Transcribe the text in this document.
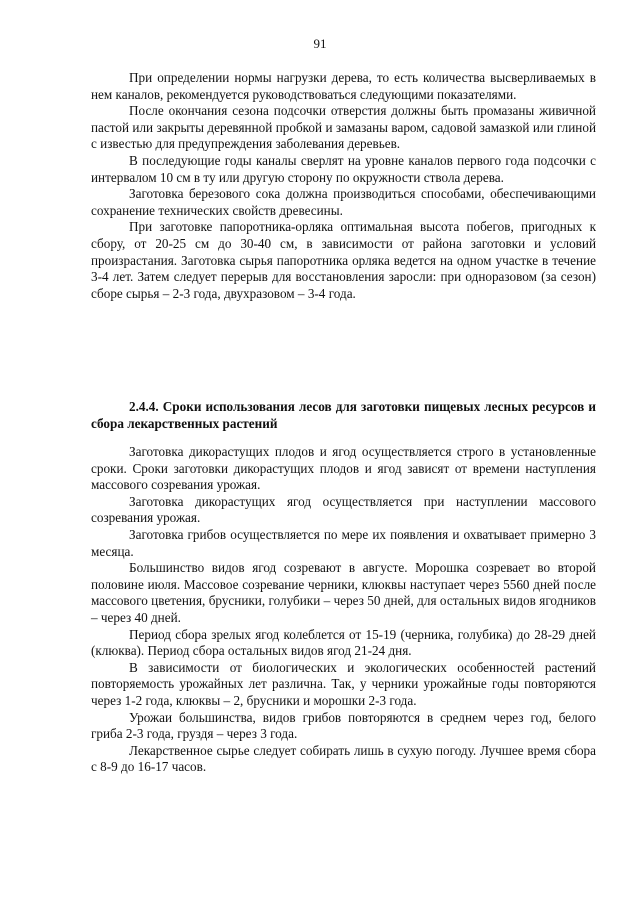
91

При определении нормы нагрузки дерева, то есть количества высверливаемых в нем каналов, рекомендуется руководствоваться следующими показателями.

После окончания сезона подсочки отверстия должны быть промазаны живичной пастой или закрыты деревянной пробкой и замазаны варом, садовой замазкой или глиной с известью для предупреждения заболевания деревьев.

В последующие годы каналы сверлят на уровне каналов первого года подсочки с интервалом 10 см в ту или другую сторону по окружности ствола дерева.

Заготовка березового сока должна производиться способами, обеспечивающими сохранение технических свойств древесины.

При заготовке папоротника-орляка оптимальная высота побегов, пригодных к сбору, от 20-25 см до 30-40 см, в зависимости от района заготовки и условий произрастания. Заготовка сырья папоротника орляка ведется на одном участке в течение 3-4 лет. Затем следует перерыв для восстановления заросли: при одноразовом (за сезон) сборе сырья – 2-3 года, двухразовом – 3-4 года.

2.4.4. Сроки использования лесов для заготовки пищевых лесных ресурсов и сбора лекарственных растений

Заготовка дикорастущих плодов и ягод осуществляется строго в установленные сроки. Сроки заготовки дикорастущих плодов и ягод зависят от времени наступления массового созревания урожая.

Заготовка дикорастущих ягод осуществляется при наступлении массового созревания урожая.

Заготовка грибов осуществляется по мере их появления и охватывает примерно 3 месяца.

Большинство видов ягод созревают в августе. Морошка созревает во второй половине июля. Массовое созревание черники, клюквы наступает через 5560 дней после массового цветения, брусники, голубики – через 50 дней, для остальных видов ягодников – через 40 дней.

Период сбора зрелых ягод колеблется от 15-19 (черника, голубика) до 28-29 дней (клюква). Период сбора остальных видов ягод 21-24 дня.

В зависимости от биологических и экологических особенностей растений повторяемость урожайных лет различна. Так, у черники урожайные годы повторяются через 1-2 года, клюквы – 2, брусники и морошки 2-3 года.

Урожаи большинства, видов грибов повторяются в среднем через год, белого гриба 2-3 года, груздя – через 3 года.

Лекарственное сырье следует собирать лишь в сухую погоду. Лучшее время сбора с 8-9 до 16-17 часов.
